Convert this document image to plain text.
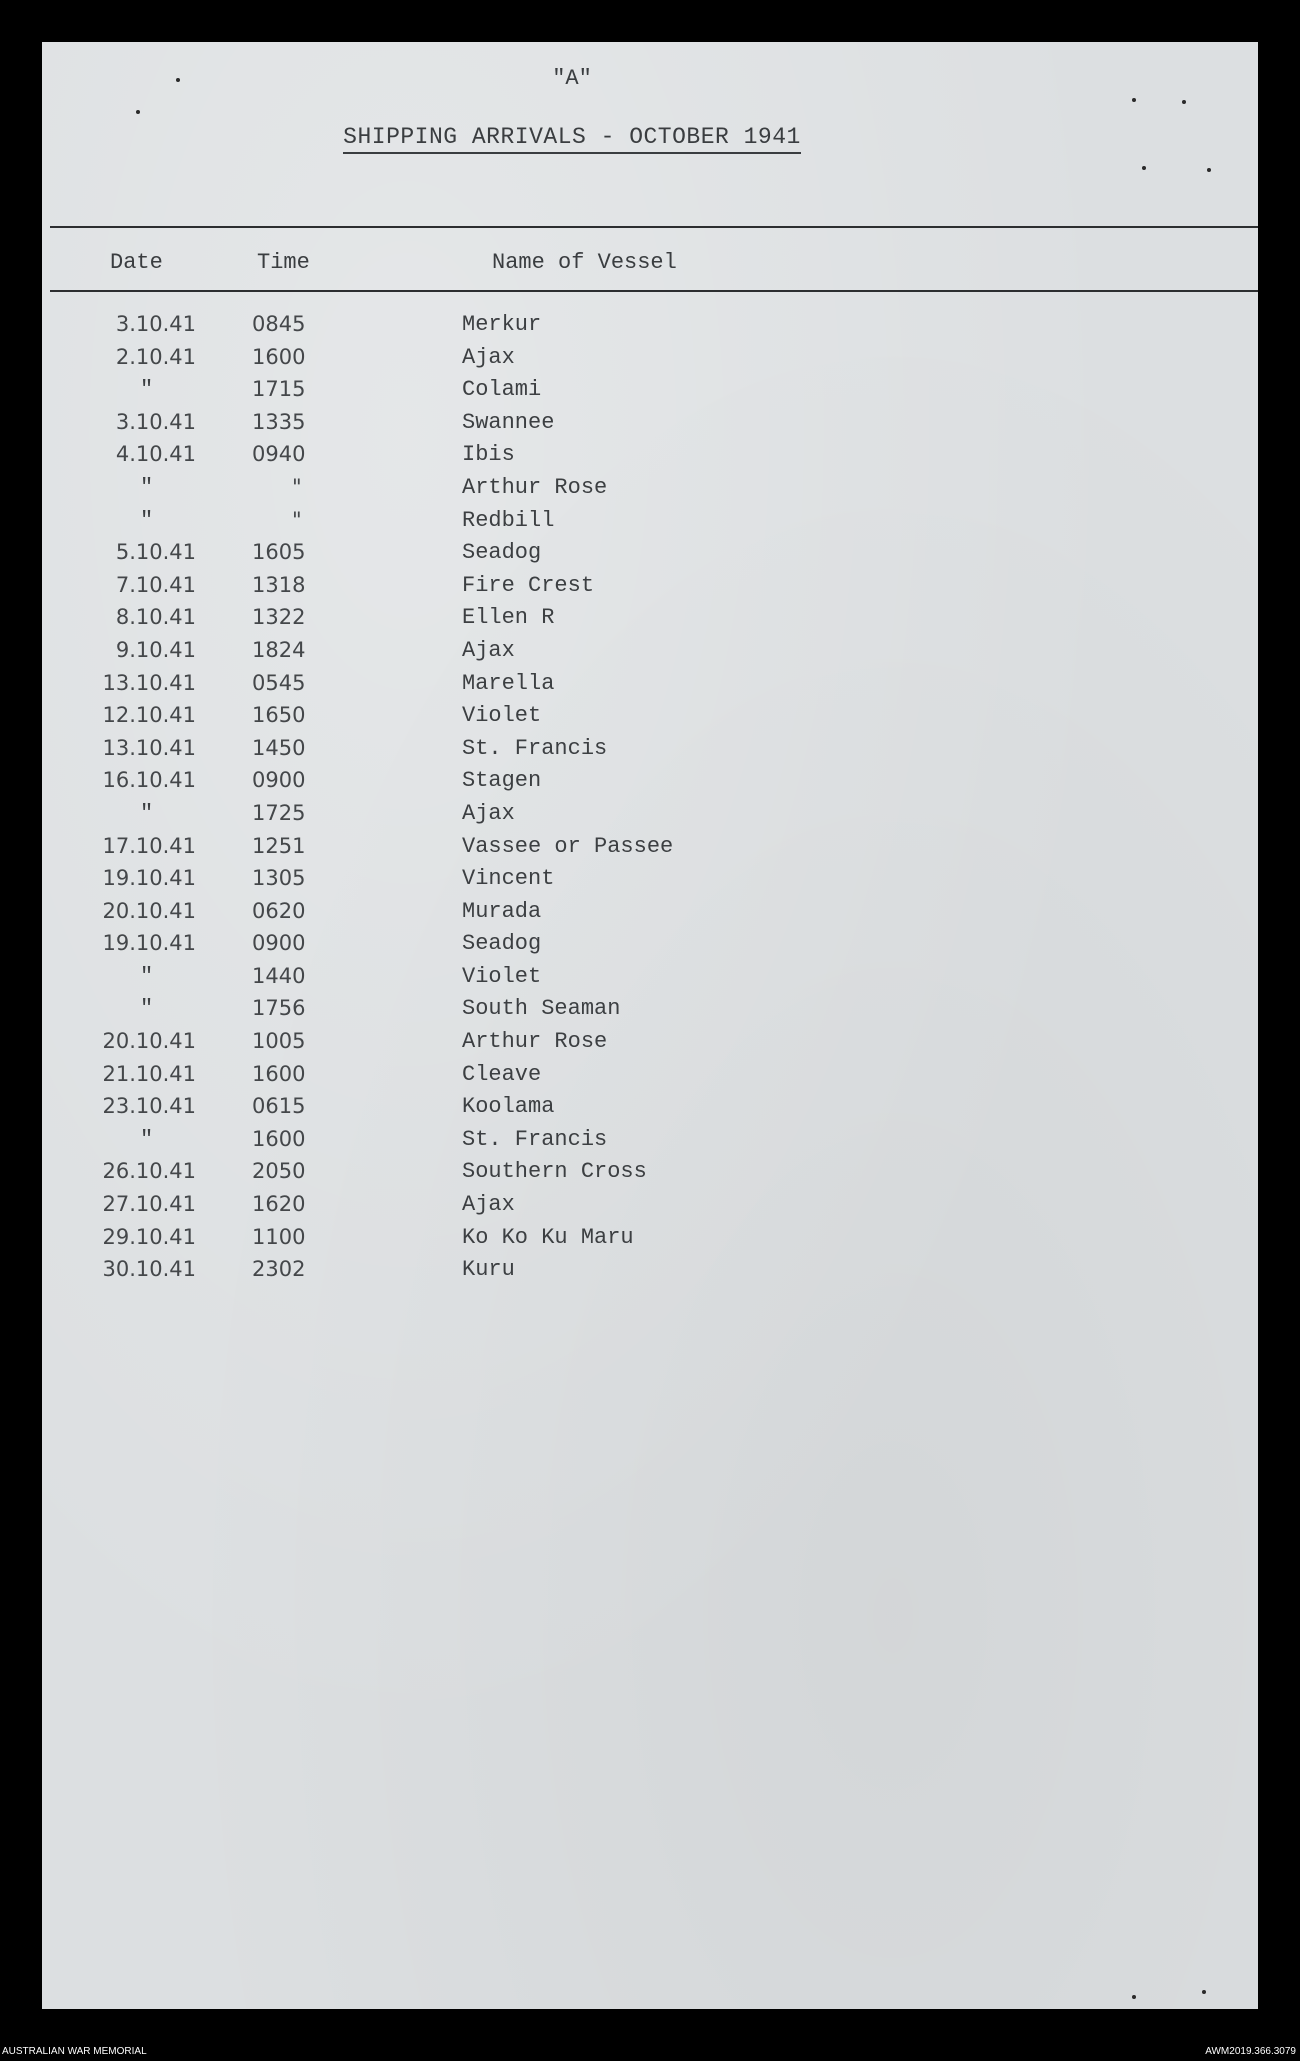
"A"
SHIPPING ARRIVALS - OCTOBER 1941
Date	Time	Name of Vessel
3.10.41	0845	Merkur
2.10.41	1600	Ajax
"	1715	Colami
3.10.41	1335	Swannee
4.10.41	0940	Ibis
"	"	Arthur Rose
"	"	Redbill
5.10.41	1605	Seadog
7.10.41	1318	Fire Crest
8.10.41	1322	Ellen R
9.10.41	1824	Ajax
13.10.41	0545	Marella
12.10.41	1650	Violet
13.10.41	1450	St. Francis
16.10.41	0900	Stagen
"	1725	Ajax
17.10.41	1251	Vassee or Passee
19.10.41	1305	Vincent
20.10.41	0620	Murada
19.10.41	0900	Seadog
"	1440	Violet
"	1756	South Seaman
20.10.41	1005	Arthur Rose
21.10.41	1600	Cleave
23.10.41	0615	Koolama
"	1600	St. Francis
26.10.41	2050	Southern Cross
27.10.41	1620	Ajax
29.10.41	1100	Ko Ko Ku Maru
30.10.41	2302	Kuru
AUSTRALIAN WAR MEMORIAL	AWM2019.366.3079
